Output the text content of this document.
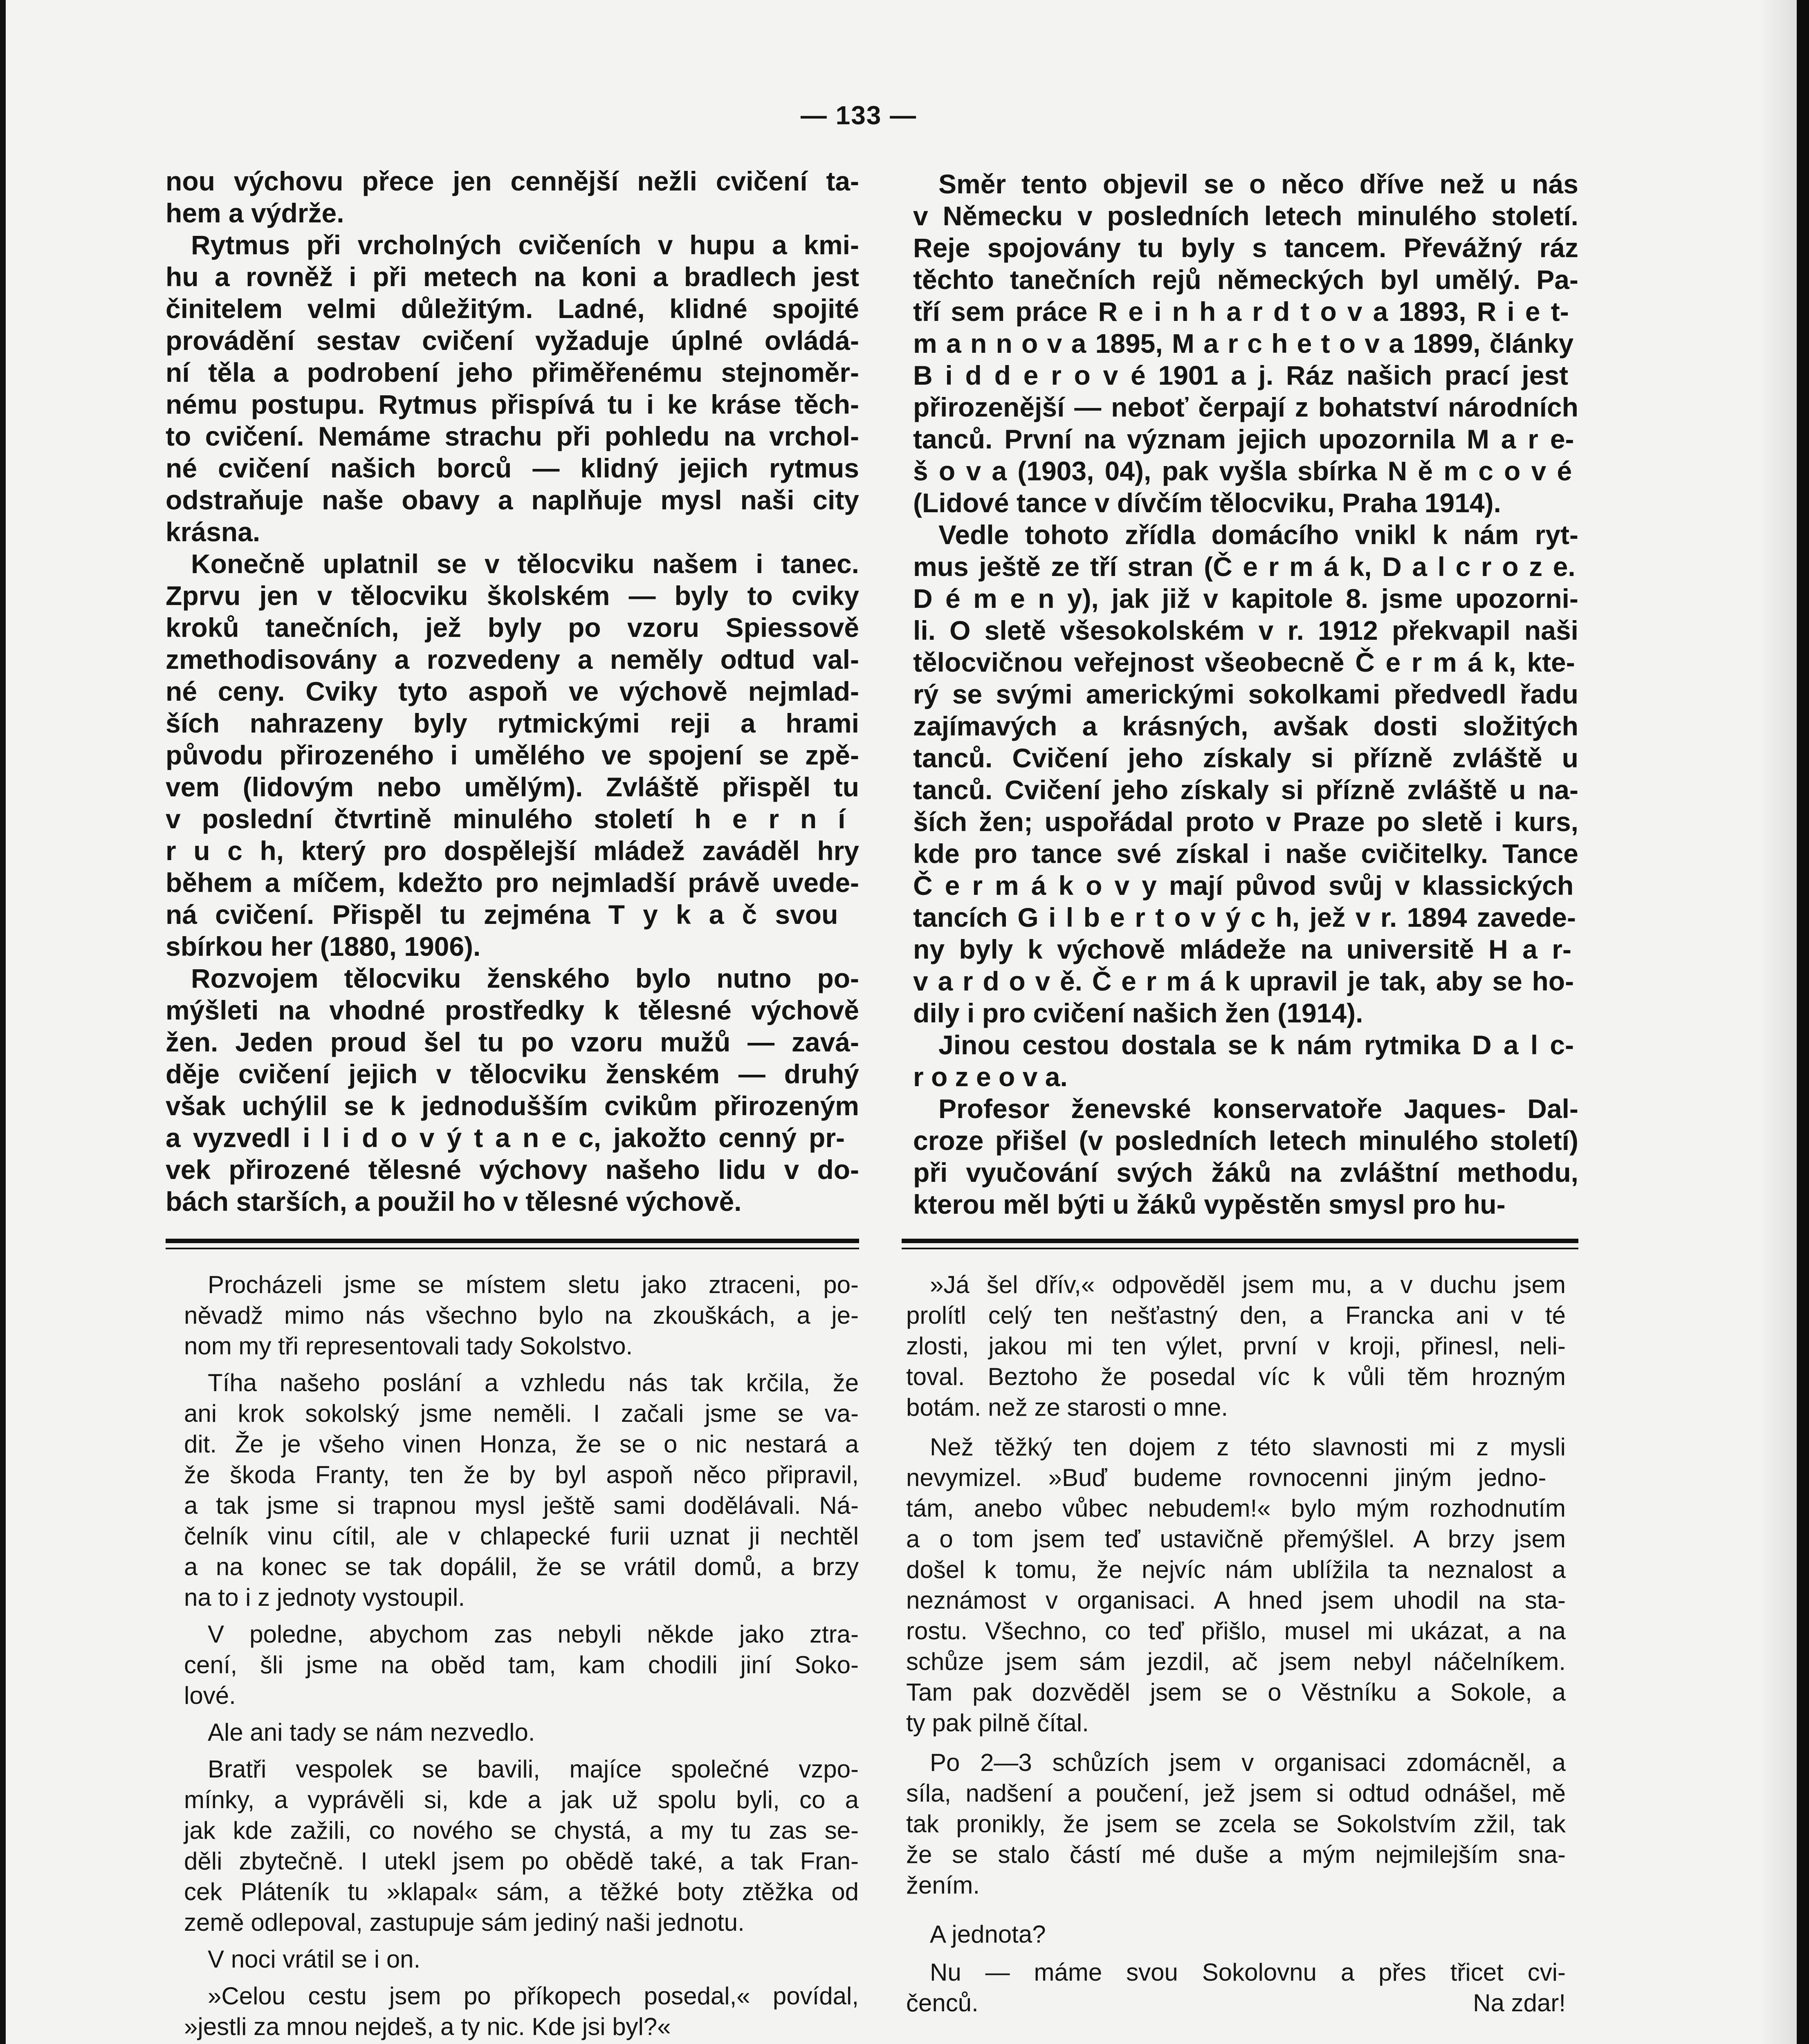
— 133 —
nou výchovu přece jen cennější nežli cvičení ta-
hem a výdrže.
Rytmus při vrcholných cvičeních v hupu a kmi-
hu a rovněž i při metech na koni a bradlech jest
činitelem velmi důležitým. Ladné, klidné spojité
provádění sestav cvičení vyžaduje úplné ovládá-
ní těla a podrobení jeho přiměřenému stejnoměr-
nému postupu. Rytmus přispívá tu i ke kráse těch-
to cvičení. Nemáme strachu při pohledu na vrchol-
né cvičení našich borců — klidný jejich rytmus
odstraňuje naše obavy a naplňuje mysl naši city
krásna.
Konečně uplatnil se v tělocviku našem i tanec.
Zprvu jen v tělocviku školském — byly to cviky
kroků tanečních, jež byly po vzoru Spiessově
zmethodisovány a rozvedeny a neměly odtud val-
né ceny. Cviky tyto aspoň ve výchově nejmlad-
ších nahrazeny byly rytmickými reji a hrami
původu přirozeného i umělého ve spojení se zpě-
vem (lidovým nebo umělým). Zvláště přispěl tu
v poslední čtvrtině minulého století h e r n í
r u c h, který pro dospělejší mládež zaváděl hry
během a míčem, kdežto pro nejmladší právě uvede-
ná cvičení. Přispěl tu zejména T y k a č svou
sbírkou her (1880, 1906).
Rozvojem tělocviku ženského bylo nutno po-
mýšleti na vhodné prostředky k tělesné výchově
žen. Jeden proud šel tu po vzoru mužů — zavá-
děje cvičení jejich v tělocviku ženském — druhý
však uchýlil se k jednodušším cvikům přirozeným
a vyzvedl i l i d o v ý t a n e c, jakožto cenný pr-
vek přirozené tělesné výchovy našeho lidu v do-
bách starších, a použil ho v tělesné výchově.
Směr tento objevil se o něco dříve než u nás
v Německu v posledních letech minulého století.
Reje spojovány tu byly s tancem. Převážný ráz
těchto tanečních rejů německých byl umělý. Pa-
tří sem práce R e i n h a r d t o v a 1893, R i e t-
m a n n o v a 1895, M a r c h e t o v a 1899, články
B i d d e r o v é 1901 a j. Ráz našich prací jest
přirozenější — neboť čerpají z bohatství národních
tanců. První na význam jejich upozornila M a r e-
š o v a (1903, 04), pak vyšla sbírka N ě m c o v é
(Lidové tance v dívčím tělocviku, Praha 1914).
Vedle tohoto zřídla domácího vnikl k nám ryt-
mus ještě ze tří stran (Č e r m á k, D a l c r o z e.
D é m e n y), jak již v kapitole 8. jsme upozorni-
li. O sletě všesokolském v r. 1912 překvapil naši
tělocvičnou veřejnost všeobecně Č e r m á k, kte-
rý se svými americkými sokolkami předvedl řadu
zajímavých a krásných, avšak dosti složitých
tanců. Cvičení jeho získaly si přízně zvláště u
tanců. Cvičení jeho získaly si přízně zvláště u na-
ších žen; uspořádal proto v Praze po sletě i kurs,
kde pro tance své získal i naše cvičitelky. Tance
Č e r m á k o v y mají původ svůj v klassických
tancích G i l b e r t o v ý c h, jež v r. 1894 zavede-
ny byly k výchově mládeže na universitě H a r-
v a r d o v ě. Č e r m á k upravil je tak, aby se ho-
dily i pro cvičení našich žen (1914).
Jinou cestou dostala se k nám rytmika D a l c-
r o z e o v a.
Profesor ženevské konservatoře Jaques- Dal-
croze přišel (v posledních letech minulého století)
při vyučování svých žáků na zvláštní methodu,
kterou měl býti u žáků vypěstěn smysl pro hu-
Procházeli jsme se místem sletu jako ztraceni, po-
něvadž mimo nás všechno bylo na zkouškách, a je-
nom my tři representovali tady Sokolstvo.
Tíha našeho poslání a vzhledu nás tak krčila, že
ani krok sokolský jsme neměli. I začali jsme se va-
dit. Že je všeho vinen Honza, že se o nic nestará a
že škoda Franty, ten že by byl aspoň něco připravil,
a tak jsme si trapnou mysl ještě sami dodělávali. Ná-
čelník vinu cítil, ale v chlapecké furii uznat ji nechtěl
a na konec se tak dopálil, že se vrátil domů, a brzy
na to i z jednoty vystoupil.
V poledne, abychom zas nebyli někde jako ztra-
cení, šli jsme na oběd tam, kam chodili jiní Soko-
lové.
Ale ani tady se nám nezvedlo.
Bratři vespolek se bavili, majíce společné vzpo-
mínky, a vyprávěli si, kde a jak už spolu byli, co a
jak kde zažili, co nového se chystá, a my tu zas se-
děli zbytečně. I utekl jsem po obědě také, a tak Fran-
cek Pláteník tu »klapal« sám, a těžké boty ztěžka od
země odlepoval, zastupuje sám jediný naši jednotu.
V noci vrátil se i on.
»Celou cestu jsem po příkopech posedal,« povídal,
»jestli za mnou nejdeš, a ty nic. Kde jsi byl?«
»Já šel dřív,« odpověděl jsem mu, a v duchu jsem
prolítl celý ten nešťastný den, a Francka ani v té
zlosti, jakou mi ten výlet, první v kroji, přinesl, neli-
toval. Beztoho že posedal víc k vůli těm hrozným
botám. než ze starosti o mne.
Než těžký ten dojem z této slavnosti mi z mysli
nevymizel. »Buď budeme rovnocenni jiným jedno-
tám, anebo vůbec nebudem!« bylo mým rozhodnutím
a o tom jsem teď ustavičně přemýšlel. A brzy jsem
došel k tomu, že nejvíc nám ublížila ta neznalost a
neznámost v organisaci. A hned jsem uhodil na sta-
rostu. Všechno, co teď přišlo, musel mi ukázat, a na
schůze jsem sám jezdil, ač jsem nebyl náčelníkem.
Tam pak dozvěděl jsem se o Věstníku a Sokole, a
ty pak pilně čítal.
Po 2—3 schůzích jsem v organisaci zdomácněl, a
síla, nadšení a poučení, jež jsem si odtud odnášel, mě
tak pronikly, že jsem se zcela se Sokolstvím zžil, tak
že se stalo částí mé duše a mým nejmilejším sna-
žením.
A jednota?
Nu — máme svou Sokolovnu a přes třicet cvi-
čenců.	Na zdar!
